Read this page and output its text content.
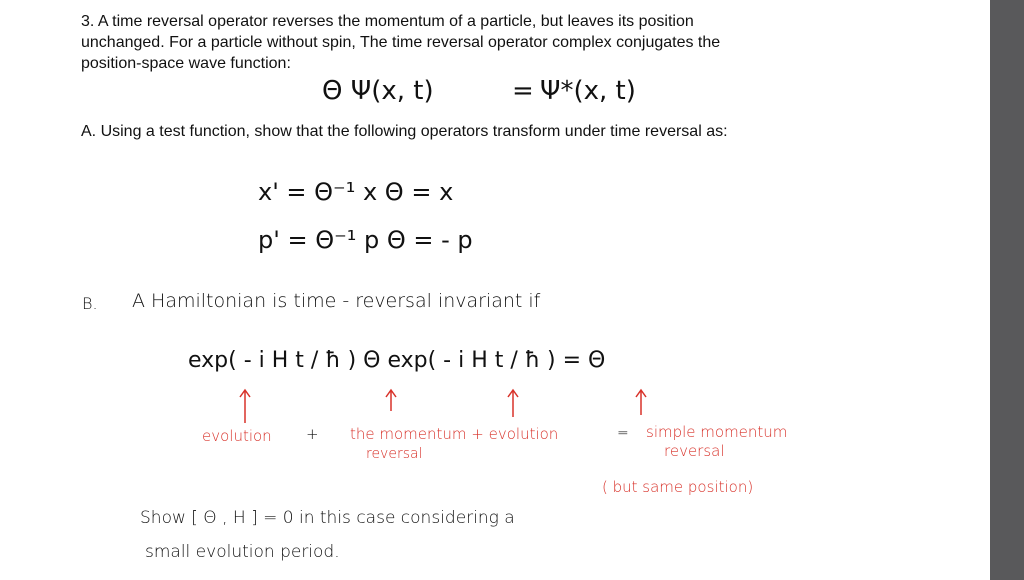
3. A time reversal operator reverses the momentum of a particle, but leaves its position
unchanged. For a particle without spin, The time reversal operator complex conjugates the
position-space wave function:
Θ Ψ(x, t)	= Ψ*(x, t)
A. Using a test function, show that the following operators transform under time reversal as:
x' = Θ⁻¹ x Θ = x
p' = Θ⁻¹ p Θ = - p
B. A Hamiltonian is time - reversal invariant if
exp( - i H t / ħ ) Θ exp( - i H t / ħ ) = Θ
evolution + the momentum + evolution
reversal
= simple momentum
reversal
( but same position)
Show [ Θ , H ] = 0 in this case considering a
small evolution period.
